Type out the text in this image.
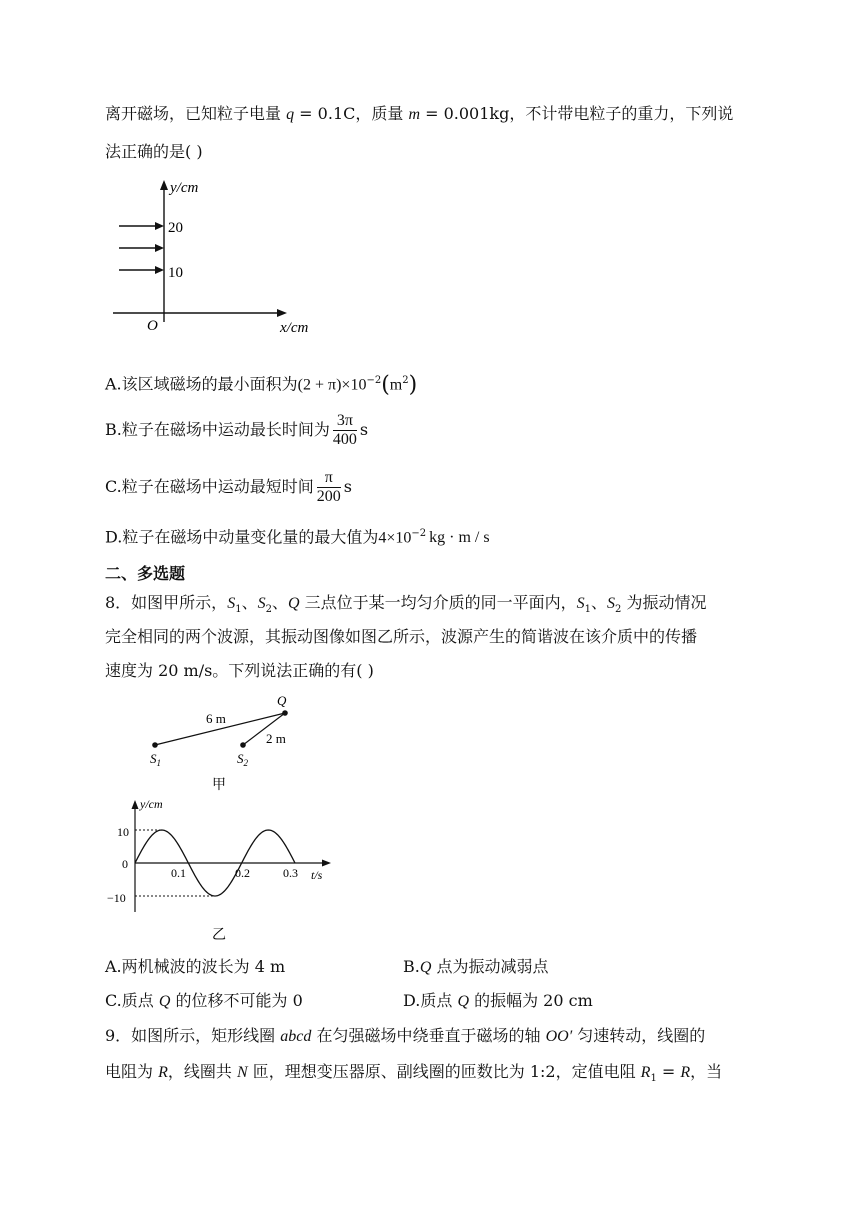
离开磁场，已知粒子电量 q = 0.1C，质量 m = 0.001kg，不计带电粒子的重力，下列说
法正确的是( )
y/cm
20
10
O	x/cm
A.该区域磁场的最小面积为$(2 + \pi)\times 10^{-2}(m^2)$
B.粒子在磁场中运动最长时间为 $\frac{3\pi}{400}$ s
C.粒子在磁场中运动最短时间 $\frac{\pi}{200}$ s
D.粒子在磁场中动量变化量的最大值为$4\times 10^{-2}$ kg · m / s
二、多选题
8．如图甲所示，$S_1$、$S_2$、Q 三点位于某一均匀介质的同一平面内，$S_1$、$S_2$ 为振动情况
完全相同的两个波源，其振动图像如图乙所示，波源产生的简谐波在该介质中的传播
速度为 20 m/s。下列说法正确的有( )
6 m
2 m
Q
$S_1$	$S_2$
甲
y/cm
t/s
10
0
−10
0.1	0.2	0.3
乙
A.两机械波的波长为 4 m	B.Q 点为振动减弱点
C.质点 Q 的位移不可能为 0	D.质点 Q 的振幅为 20 cm
9．如图所示，矩形线圈 abcd 在匀强磁场中绕垂直于磁场的轴 OO′ 匀速转动，线圈的
电阻为 R，线圈共 N 匝，理想变压器原、副线圈的匝数比为 1:2，定值电阻 $R_1 = R$，当
